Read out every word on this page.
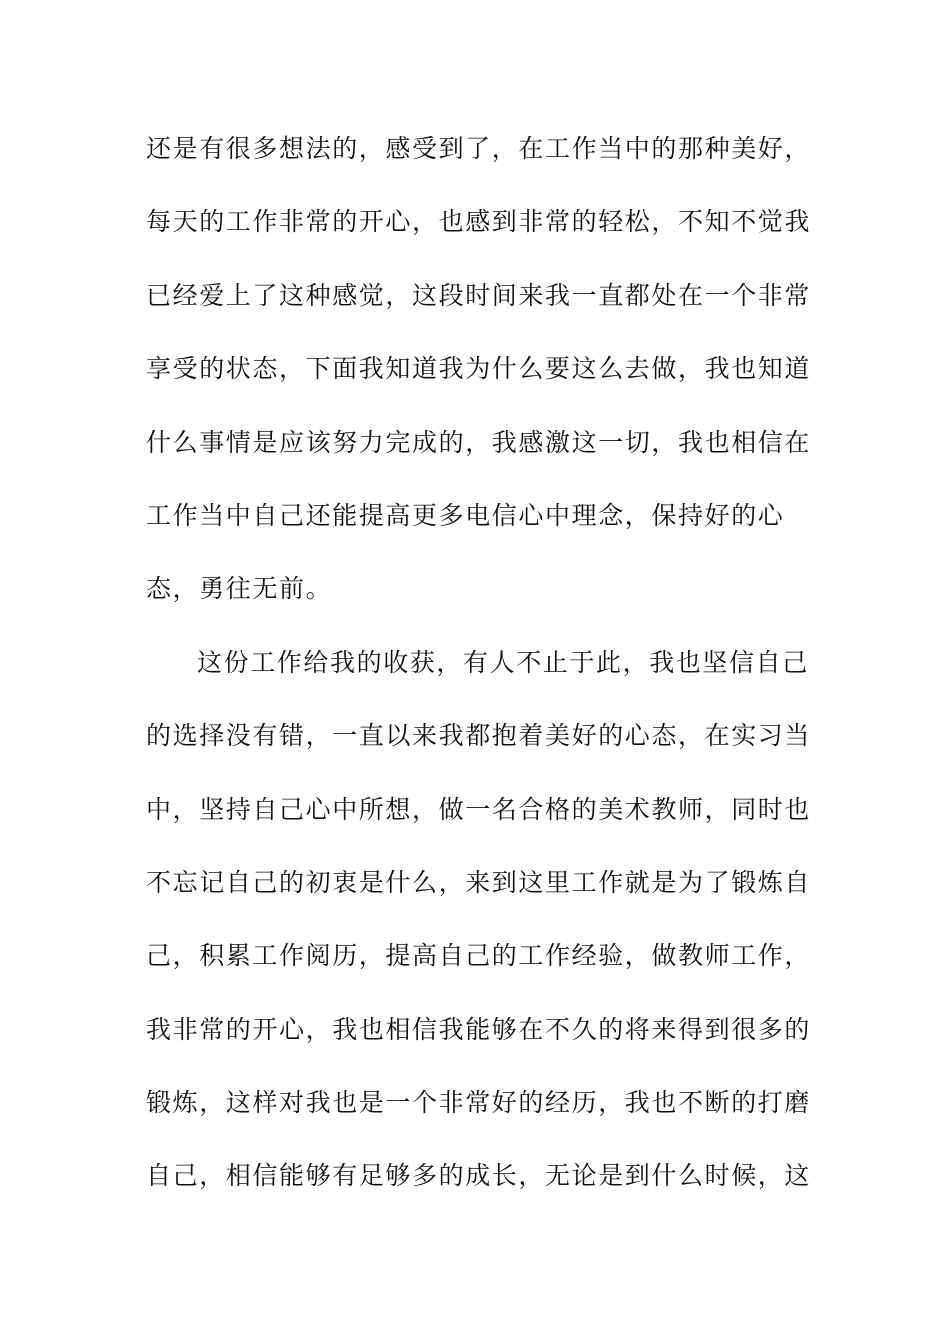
还是有很多想法的，感受到了，在工作当中的那种美好，
每天的工作非常的开心，也感到非常的轻松，不知不觉我
已经爱上了这种感觉，这段时间来我一直都处在一个非常
享受的状态，下面我知道我为什么要这么去做，我也知道
什么事情是应该努力完成的，我感激这一切，我也相信在
工作当中自己还能提高更多电信心中理念，保持好的心
态，勇往无前。
这份工作给我的收获，有人不止于此，我也坚信自己
的选择没有错，一直以来我都抱着美好的心态，在实习当
中，坚持自己心中所想，做一名合格的美术教师，同时也
不忘记自己的初衷是什么，来到这里工作就是为了锻炼自
己，积累工作阅历，提高自己的工作经验，做教师工作，
我非常的开心，我也相信我能够在不久的将来得到很多的
锻炼，这样对我也是一个非常好的经历，我也不断的打磨
自己，相信能够有足够多的成长，无论是到什么时候，这
